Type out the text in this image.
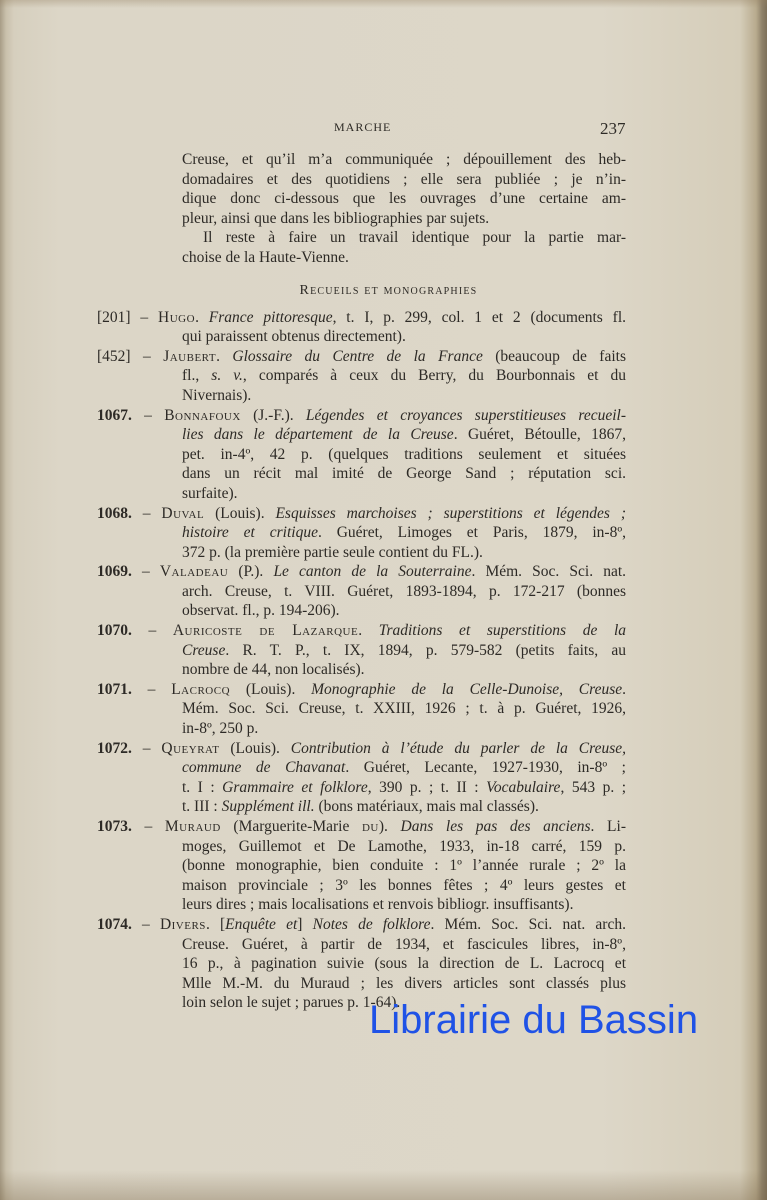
MARCHE	237
Creuse, et qu’il m’a communiquée ; dépouillement des heb-
domadaires et des quotidiens ; elle sera publiée ; je n’in-
dique donc ci-dessous que les ouvrages d’une certaine am-
pleur, ainsi que dans les bibliographies par sujets.
Il reste à faire un travail identique pour la partie mar-
choise de la Haute-Vienne.
Recueils et monographies
[201] – Hugo. France pittoresque, t. I, p. 299, col. 1 et 2 (documents fl.
qui paraissent obtenus directement).
[452] – Jaubert. Glossaire du Centre de la France (beaucoup de faits
fl., s. v., comparés à ceux du Berry, du Bourbonnais et du
Nivernais).
1067. – Bonnafoux (J.-F.). Légendes et croyances superstitieuses recueil-
lies dans le département de la Creuse. Guéret, Bétoulle, 1867,
pet. in-4º, 42 p. (quelques traditions seulement et situées
dans un récit mal imité de George Sand ; réputation sci.
surfaite).
1068. – Duval (Louis). Esquisses marchoises ; superstitions et légendes ;
histoire et critique. Guéret, Limoges et Paris, 1879, in-8º,
372 p. (la première partie seule contient du FL.).
1069. – Valadeau (P.). Le canton de la Souterraine. Mém. Soc. Sci. nat.
arch. Creuse, t. VIII. Guéret, 1893-1894, p. 172-217 (bonnes
observat. fl., p. 194-206).
1070. – Auricoste de Lazarque. Traditions et superstitions de la
Creuse. R. T. P., t. IX, 1894, p. 579-582 (petits faits, au
nombre de 44, non localisés).
1071. – Lacrocq (Louis). Monographie de la Celle-Dunoise, Creuse.
Mém. Soc. Sci. Creuse, t. XXIII, 1926 ; t. à p. Guéret, 1926,
in-8º, 250 p.
1072. – Queyrat (Louis). Contribution à l’étude du parler de la Creuse,
commune de Chavanat. Guéret, Lecante, 1927-1930, in-8º ;
t. I : Grammaire et folklore, 390 p. ; t. II : Vocabulaire, 543 p. ;
t. III : Supplément ill. (bons matériaux, mais mal classés).
1073. – Muraud (Marguerite-Marie du). Dans les pas des anciens. Li-
moges, Guillemot et De Lamothe, 1933, in-18 carré, 159 p.
(bonne monographie, bien conduite : 1º l’année rurale ; 2º la
maison provinciale ; 3º les bonnes fêtes ; 4º leurs gestes et
leurs dires ; mais localisations et renvois bibliogr. insuffisants).
1074. – Divers. [Enquête et] Notes de folklore. Mém. Soc. Sci. nat. arch.
Creuse. Guéret, à partir de 1934, et fascicules libres, in-8º,
16 p., à pagination suivie (sous la direction de L. Lacrocq et
Mlle M.-M. du Muraud ; les divers articles sont classés plus
loin selon le sujet ; parues p. 1-64).
Librairie du Bassin
